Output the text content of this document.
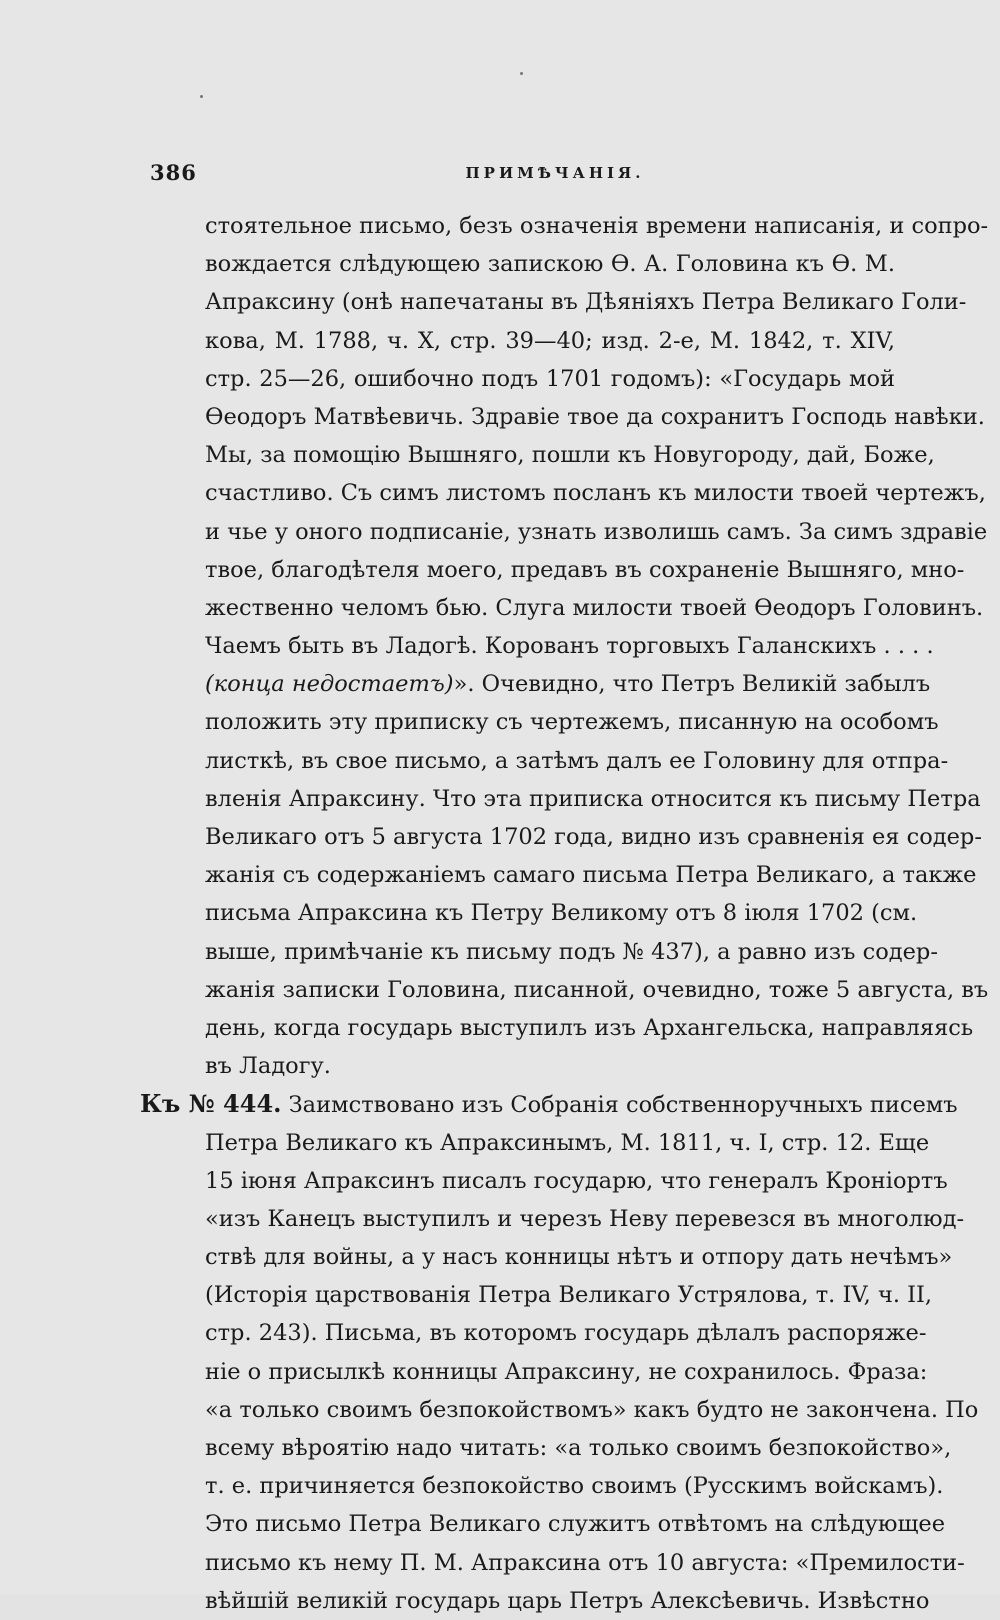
386	ПРИМѢЧАНІЯ.
стоятельное письмо, безъ означенія времени написанія, и сопро-
вождается слѣдующею запискою Ѳ. А. Головина къ Ѳ. М.
Апраксину (онѣ напечатаны въ Дѣяніяхъ Петра Великаго Голи-
кова, М. 1788, ч. X, стр. 39—40; изд. 2-е, М. 1842, т. XIV,
стр. 25—26, ошибочно подъ 1701 годомъ): «Государь мой
Ѳеодоръ Матвѣевичь. Здравіе твое да сохранитъ Господь навѣки.
Мы, за помощію Вышняго, пошли къ Новугороду, дай, Боже,
счастливо. Съ симъ листомъ посланъ къ милости твоей чертежъ,
и чье у оного подписаніе, узнать изволишь самъ. За симъ здравіе
твое, благодѣтеля моего, предавъ въ сохраненіе Вышняго, мно-
жественно челомъ бью. Слуга милости твоей Ѳеодоръ Головинъ.
Чаемъ быть въ Ладогѣ. Корованъ торговыхъ Галанскихъ . . . .
(конца недостаетъ)». Очевидно, что Петръ Великій забылъ
положить эту приписку съ чертежемъ, писанную на особомъ
листкѣ, въ свое письмо, а затѣмъ далъ ее Головину для отпра-
вленія Апраксину. Что эта приписка относится къ письму Петра
Великаго отъ 5 августа 1702 года, видно изъ сравненія ея содер-
жанія съ содержаніемъ самаго письма Петра Великаго, а также
письма Апраксина къ Петру Великому отъ 8 іюля 1702 (см.
выше, примѣчаніе къ письму подъ № 437), а равно изъ содер-
жанія записки Головина, писанной, очевидно, тоже 5 августа, въ
день, когда государь выступилъ изъ Архангельска, направляясь
въ Ладогу.
Къ № 444. Заимствовано изъ Собранія собственноручныхъ писемъ
Петра Великаго къ Апраксинымъ, М. 1811, ч. I, стр. 12. Еще
15 іюня Апраксинъ писалъ государю, что генералъ Кроніортъ
«изъ Канецъ выступилъ и черезъ Неву перевезся въ многолюд-
ствѣ для войны, а у насъ конницы нѣтъ и отпору дать нечѣмъ»
(Исторія царствованія Петра Великаго Устрялова, т. IV, ч. II,
стр. 243). Письма, въ которомъ государь дѣлалъ распоряже-
ніе о присылкѣ конницы Апраксину, не сохранилось. Фраза:
«а только своимъ безпокойствомъ» какъ будто не закончена. По
всему вѣроятію надо читать: «а только своимъ безпокойство»,
т. е. причиняется безпокойство своимъ (Русскимъ войскамъ).
Это письмо Петра Великаго служитъ отвѣтомъ на слѣдующее
письмо къ нему П. М. Апраксина отъ 10 августа: «Премилости-
вѣйшій великій государь царь Петръ Алексѣевичь. Извѣстно
